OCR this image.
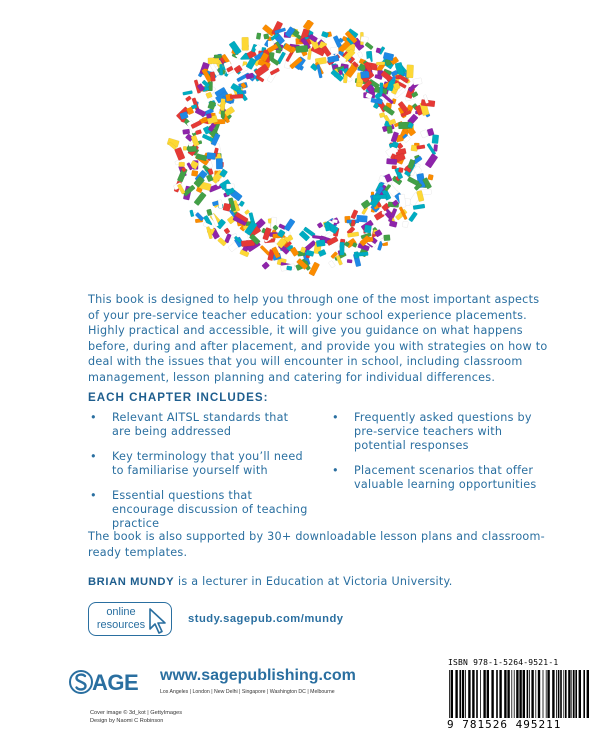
This book is designed to help you through one of the most important aspects of your pre-service teacher education: your school experience placements. Highly practical and accessible, it will give you guidance on what happens before, during and after placement, and provide you with strategies on how to deal with the issues that you will encounter in school, including classroom management, lesson planning and catering for individual differences.

EACH CHAPTER INCLUDES:
• Relevant AITSL standards that are being addressed
• Key terminology that you’ll need to familiarise yourself with
• Essential questions that encourage discussion of teaching practice
• Frequently asked questions by pre-service teachers with potential responses
• Placement scenarios that offer valuable learning opportunities

The book is also supported by 30+ downloadable lesson plans and classroom-ready templates.

BRIAN MUNDY is a lecturer in Education at Victoria University.

online
resources	study.sagepub.com/mundy
AGE www.sagepublishing.com
Los Angeles | London | New Delhi | Singapore | Washington DC | Melbourne
Cover image © 3d_kot | GettyImages
Design by Naomi C Robinson
ISBN 978-1-5264-9521-1
9 781526 495211
